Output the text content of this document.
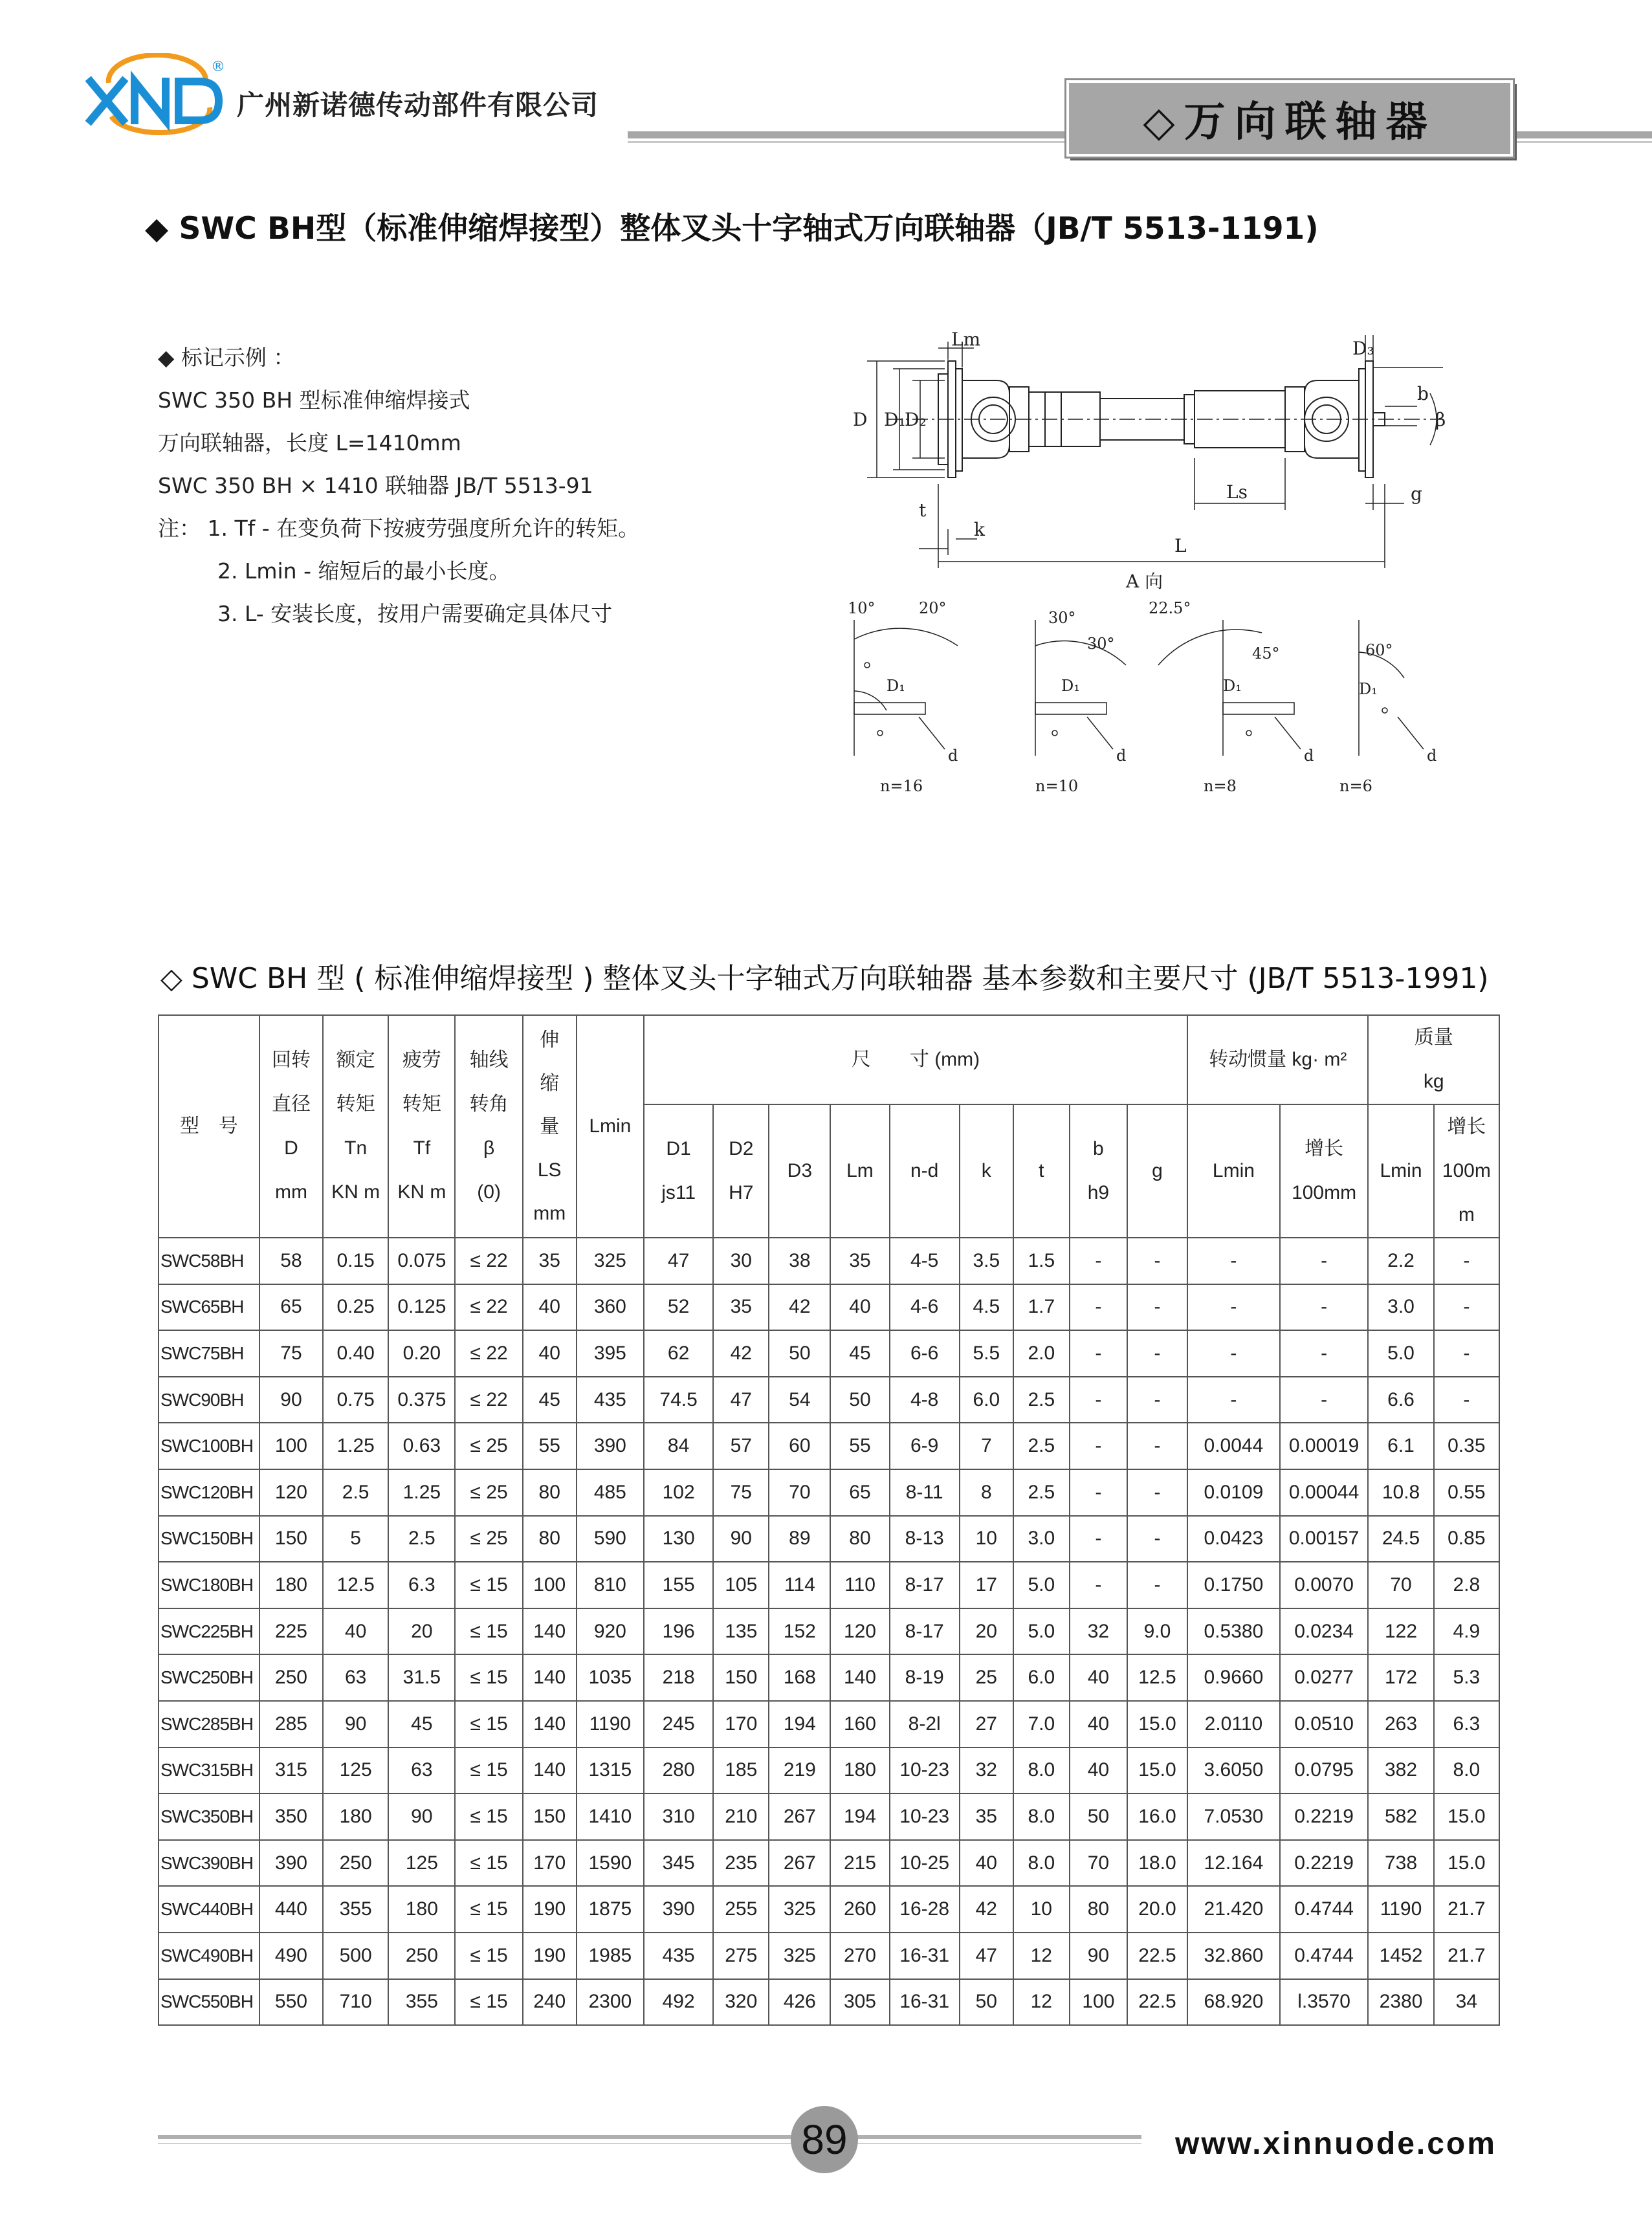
®
广州新诺德传动部件有限公司	◇万向联轴器
◆ SWC BH型（标准伸缩焊接型）整体叉头十字轴式万向联轴器（JB/T 5513-1191)
◆ 标记示例 ：
SWC 350 BH 型标准伸缩焊接式
万向联轴器，长度 L=1410mm
SWC 350 BH × 1410 联轴器 JB/T 5513-91
注： 1. Tf - 在变负荷下按疲劳强度所允许的转矩。
2. Lmin - 缩短后的最小长度。
3. L- 安装长度，按用户需要确定具体尺寸
Lm
D D₁
D₂
D₃
b
β
Ls
t
k
g
L
A 向
10°	20°
D₁
d
n=16
30°
30°
D₁
d
n=10
22.5°
45°
D₁
d
n=8
60°
D₁
d
n=6
◇ SWC BH 型 ( 标准伸缩焊接型 ) 整体叉头十字轴式万向联轴器 基本参数和主要尺寸 (JB/T 5513-1991)
型　号	回转
直径
D
mm	额定
转矩
Tn
KN m	疲劳
转矩
Tf
KN m	轴线
转角
β
(0)	伸
缩
量
LS
mm	Lmin	尺　　寸 (mm)									转动惯量 kg· m²		质量
kg	
							D1
js11	D2
H7	D3	Lm	n-d	k	t	b
h9	g	Lmin	增长
100mm	Lmin	增长
100m
m
SWC58BH	58	0.15	0.075	≤ 22	35	325	47	30	38	35	4-5	3.5	1.5	-	-	-	-	2.2	-
SWC65BH	65	0.25	0.125	≤ 22	40	360	52	35	42	40	4-6	4.5	1.7	-	-	-	-	3.0	-
SWC75BH	75	0.40	0.20	≤ 22	40	395	62	42	50	45	6-6	5.5	2.0	-	-	-	-	5.0	-
SWC90BH	90	0.75	0.375	≤ 22	45	435	74.5	47	54	50	4-8	6.0	2.5	-	-	-	-	6.6	-
SWC100BH	100	1.25	0.63	≤ 25	55	390	84	57	60	55	6-9	7	2.5	-	-	0.0044	0.00019	6.1	0.35
SWC120BH	120	2.5	1.25	≤ 25	80	485	102	75	70	65	8-11	8	2.5	-	-	0.0109	0.00044	10.8	0.55
SWC150BH	150	5	2.5	≤ 25	80	590	130	90	89	80	8-13	10	3.0	-	-	0.0423	0.00157	24.5	0.85
SWC180BH	180	12.5	6.3	≤ 15	100	810	155	105	114	110	8-17	17	5.0	-	-	0.1750	0.0070	70	2.8
SWC225BH	225	40	20	≤ 15	140	920	196	135	152	120	8-17	20	5.0	32	9.0	0.5380	0.0234	122	4.9
SWC250BH	250	63	31.5	≤ 15	140	1035	218	150	168	140	8-19	25	6.0	40	12.5	0.9660	0.0277	172	5.3
SWC285BH	285	90	45	≤ 15	140	1190	245	170	194	160	8-2l	27	7.0	40	15.0	2.0110	0.0510	263	6.3
SWC315BH	315	125	63	≤ 15	140	1315	280	185	219	180	10-23	32	8.0	40	15.0	3.6050	0.0795	382	8.0
SWC350BH	350	180	90	≤ 15	150	1410	310	210	267	194	10-23	35	8.0	50	16.0	7.0530	0.2219	582	15.0
SWC390BH	390	250	125	≤ 15	170	1590	345	235	267	215	10-25	40	8.0	70	18.0	12.164	0.2219	738	15.0
SWC440BH	440	355	180	≤ 15	190	1875	390	255	325	260	16-28	42	10	80	20.0	21.420	0.4744	1190	21.7
SWC490BH	490	500	250	≤ 15	190	1985	435	275	325	270	16-31	47	12	90	22.5	32.860	0.4744	1452	21.7
SWC550BH	550	710	355	≤ 15	240	2300	492	320	426	305	16-31	50	12	100	22.5	68.920	l.3570	2380	34
89	www.xinnuode.com
